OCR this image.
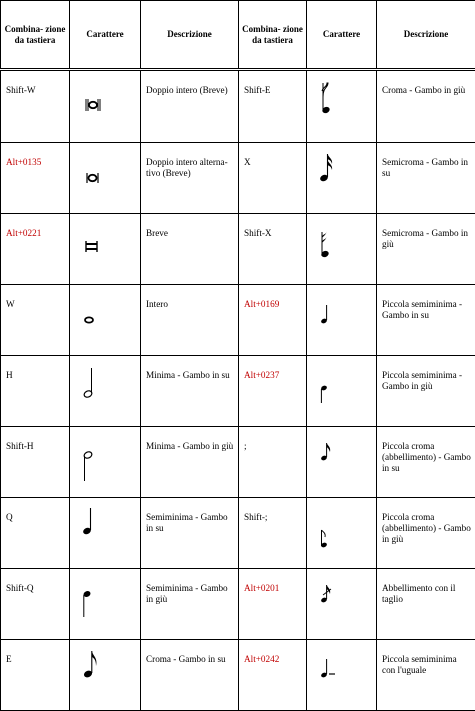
Combina- zione da tastiera	Carattere	Descrizione	Combina- zione da tastiera	Carattere	Descrizione
Shift-W		Doppio intero (Breve)	Shift-E		Croma - Gambo in giù
Alt+0135		Doppio intero alterna- tivo (Breve)	X		Semicroma - Gambo in su
Alt+0221		Breve	Shift-X		Semicroma - Gambo in giù
W		Intero	Alt+0169		Piccola semiminima - Gambo in su
H		Minima - Gambo in su	Alt+0237		Piccola semiminima - Gambo in giù
Shift-H		Minima - Gambo in giù	;		Piccola croma (abbellimento) - Gambo in su
Q		Semiminima - Gambo in su	Shift-;		Piccola croma (abbellimento) - Gambo in giù
Shift-Q		Semiminima - Gambo in giù	Alt+0201		Abbellimento con il taglio
E		Croma - Gambo in su	Alt+0242		Piccola semiminima con l'uguale
